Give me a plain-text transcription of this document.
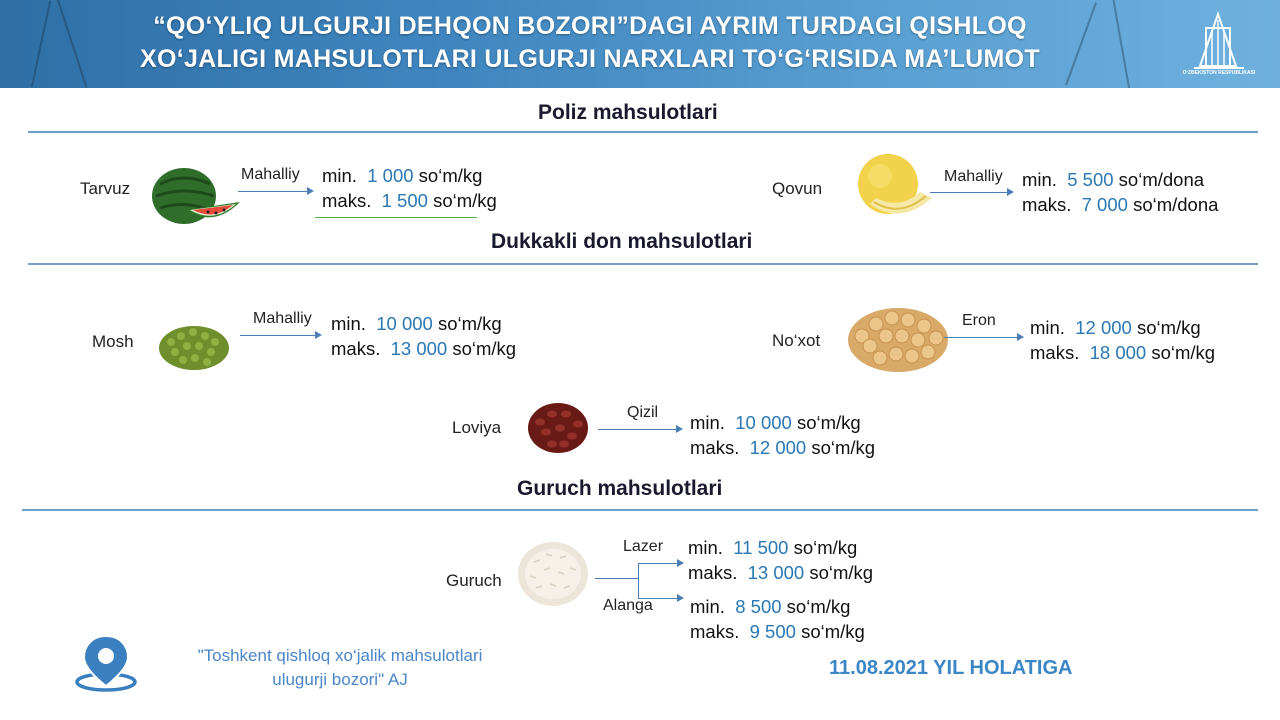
“QO‘YLIQ ULGURJI DEHQON BOZORI”DAGI AYRIM TURDAGI QISHLOQ
XO‘JALIGI MAHSULOTLARI ULGURJI NARXLARI TO‘G‘RISIDA MA’LUMOT	O‘ZBEKISTON RESPUBLIKASI
Poliz mahsulotlari
Tarvuz
Mahalliy min. 1 000 so‘m/kg
maks. 1 500 so‘m/kg
Qovun
Mahalliy min. 5 500 so‘m/dona
maks. 7 000 so‘m/dona
Dukkakli don mahsulotlari
Mosh
Mahalliy min. 10 000 so‘m/kg
maks. 13 000 so‘m/kg	No‘xot
Eron min. 12 000 so‘m/kg
maks. 18 000 so‘m/kg
Loviya
Qizil min. 10 000 so‘m/kg
maks. 12 000 so‘m/kg
Guruch mahsulotlari
Guruch
Lazer
Alanga
min. 11 500 so‘m/kg
maks. 13 000 so‘m/kg
min. 8 500 so‘m/kg
maks. 9 500 so‘m/kg
"Toshkent qishloq xo‘jalik mahsulotlari
ulugurji bozori" AJ
11.08.2021 YIL HOLATIGA
